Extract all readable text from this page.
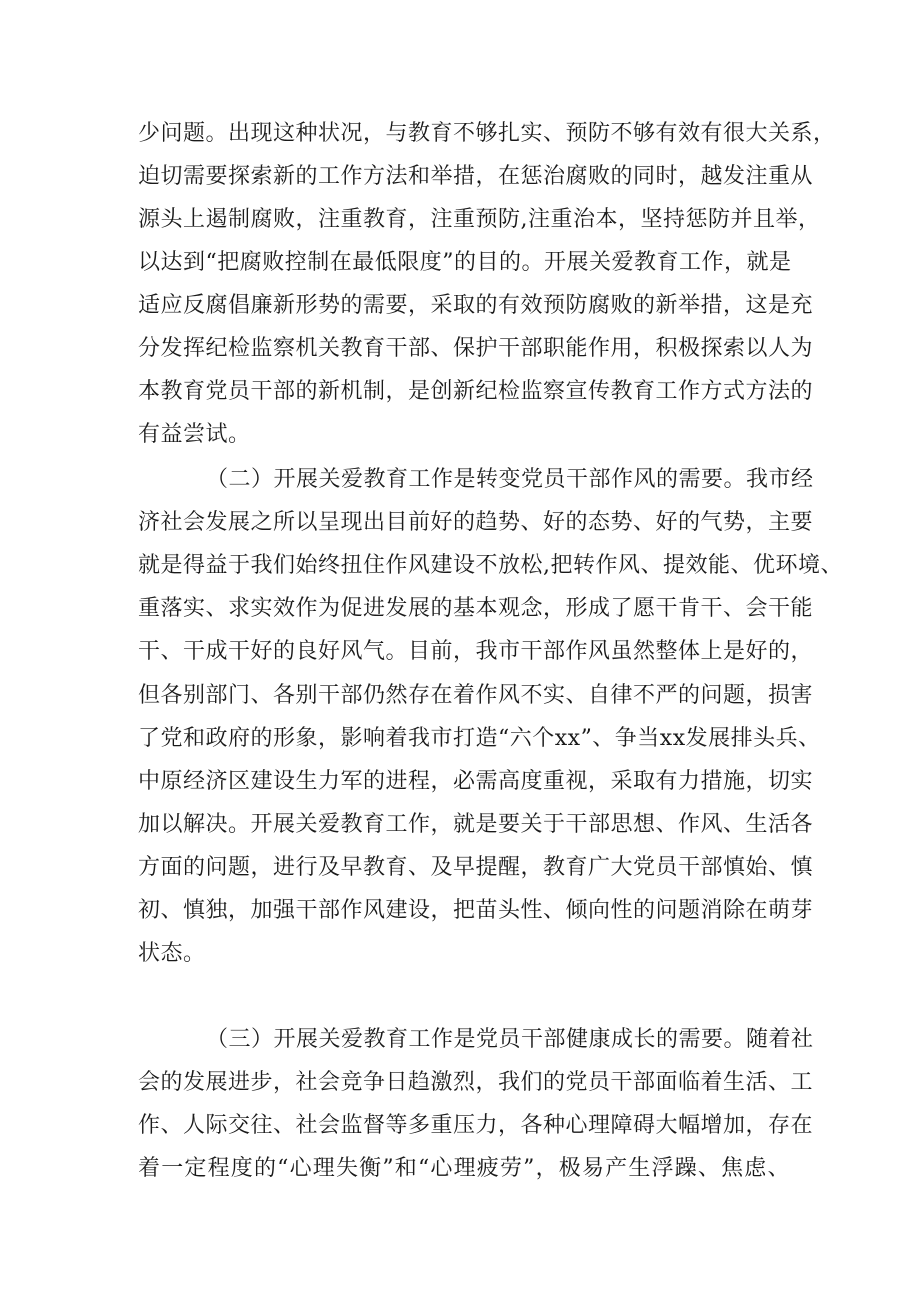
少问题。出现这种状况，与教育不够扎实、预防不够有效有很大关系，
迫切需要探索新的工作方法和举措，在惩治腐败的同时，越发注重从
源头上遏制腐败，注重教育，注重预防,注重治本，坚持惩防并且举，
以达到“把腐败控制在最低限度”的目的。开展关爱教育工作，就是
适应反腐倡廉新形势的需要，采取的有效预防腐败的新举措，这是充
分发挥纪检监察机关教育干部、保护干部职能作用，积极探索以人为
本教育党员干部的新机制，是创新纪检监察宣传教育工作方式方法的
有益尝试。
（二）开展关爱教育工作是转变党员干部作风的需要。我市经
济社会发展之所以呈现出目前好的趋势、好的态势、好的气势，主要
就是得益于我们始终扭住作风建设不放松,把转作风、提效能、优环境、
重落实、求实效作为促进发展的基本观念，形成了愿干肯干、会干能
干、干成干好的良好风气。目前，我市干部作风虽然整体上是好的，
但各别部门、各别干部仍然存在着作风不实、自律不严的问题，损害
了党和政府的形象，影响着我市打造“六个xx”、争当xx发展排头兵、
中原经济区建设生力军的进程，必需高度重视，采取有力措施，切实
加以解决。开展关爱教育工作，就是要关于干部思想、作风、生活各
方面的问题，进行及早教育、及早提醒，教育广大党员干部慎始、慎
初、慎独，加强干部作风建设，把苗头性、倾向性的问题消除在萌芽
状态。
（三）开展关爱教育工作是党员干部健康成长的需要。随着社
会的发展进步，社会竞争日趋激烈，我们的党员干部面临着生活、工
作、人际交往、社会监督等多重压力，各种心理障碍大幅增加，存在
着一定程度的“心理失衡”和“心理疲劳”，极易产生浮躁、焦虑、
